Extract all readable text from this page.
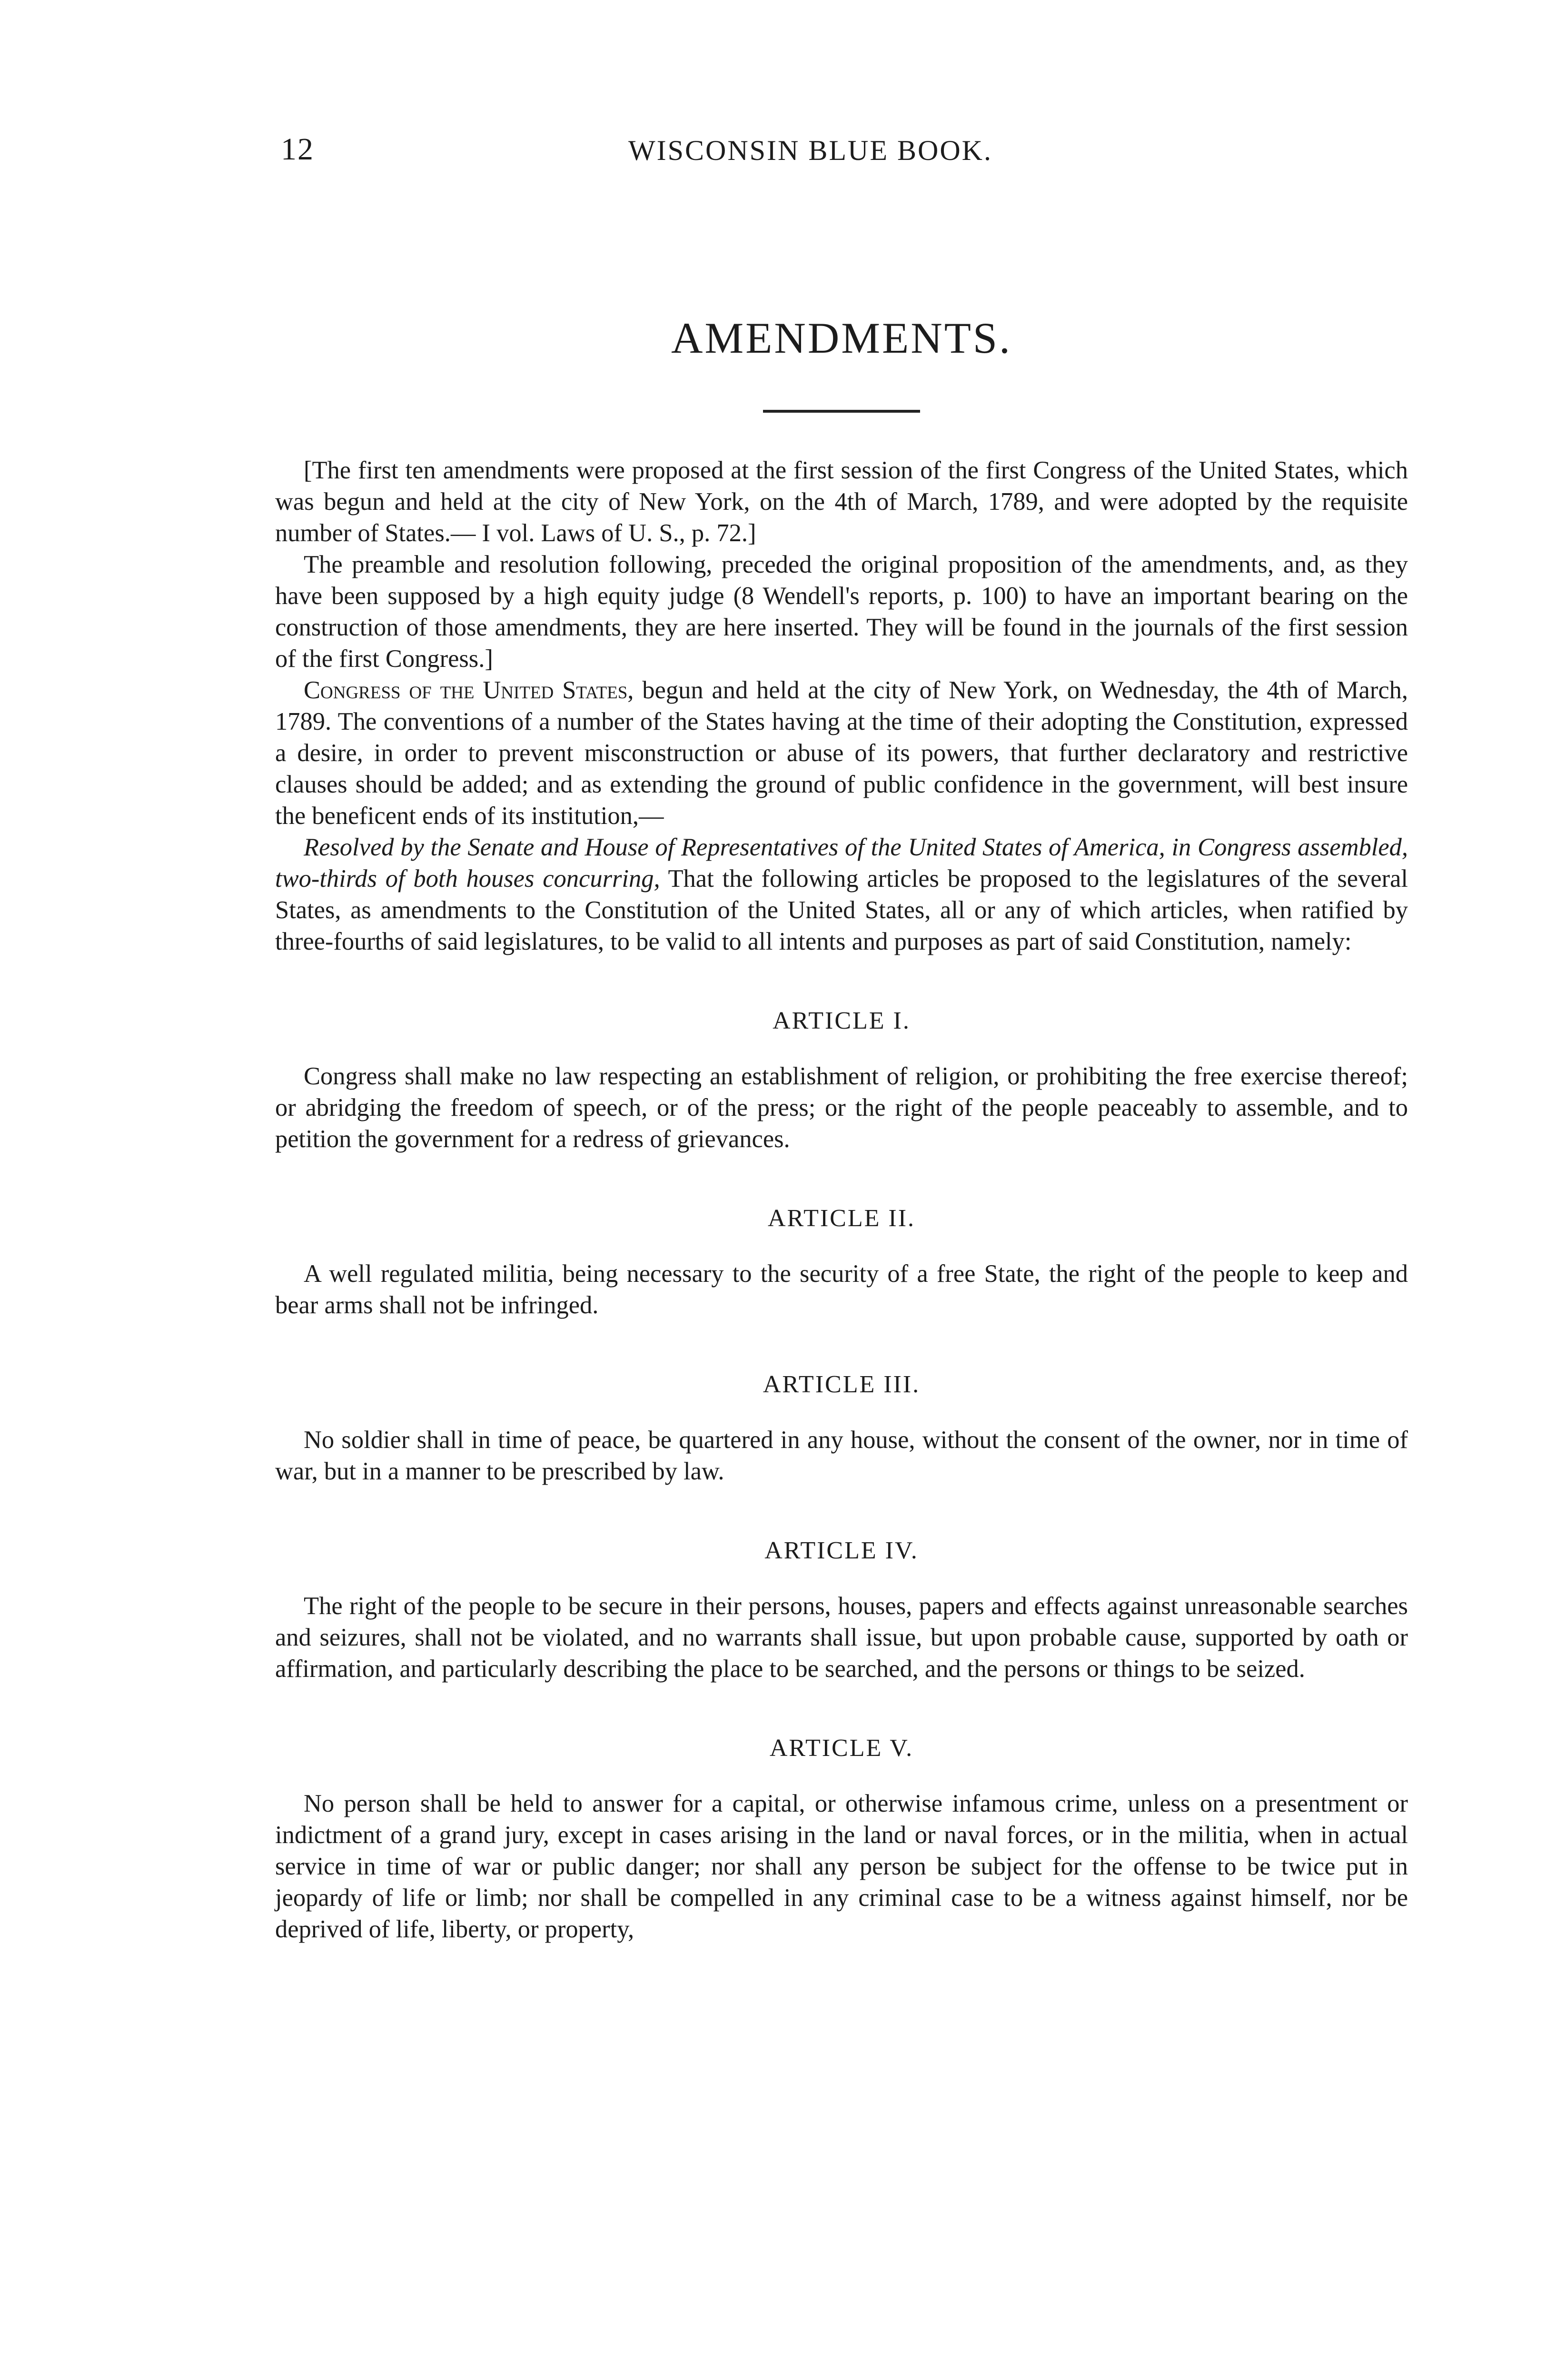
12	WISCONSIN BLUE BOOK.
AMENDMENTS.

[The first ten amendments were proposed at the first session of the first Congress of the United States, which was begun and held at the city of New York, on the 4th of March, 1789, and were adopted by the requisite number of States.— I vol. Laws of U. S., p. 72.]

The preamble and resolution following, preceded the original proposition of the amendments, and, as they have been supposed by a high equity judge (8 Wendell's reports, p. 100) to have an important bearing on the construction of those amendments, they are here inserted. They will be found in the journals of the first session of the first Congress.]

Congress of the United States, begun and held at the city of New York, on Wednesday, the 4th of March, 1789. The conventions of a number of the States having at the time of their adopting the Constitution, expressed a desire, in order to prevent misconstruction or abuse of its powers, that further declaratory and restrictive clauses should be added; and as extending the ground of public confidence in the government, will best insure the beneficent ends of its institution,—

Resolved by the Senate and House of Representatives of the United States of America, in Congress assembled, two-thirds of both houses concurring, That the following articles be proposed to the legislatures of the several States, as amendments to the Constitution of the United States, all or any of which articles, when ratified by three-fourths of said legislatures, to be valid to all intents and purposes as part of said Constitution, namely:

ARTICLE I.

Congress shall make no law respecting an establishment of religion, or prohibiting the free exercise thereof; or abridging the freedom of speech, or of the press; or the right of the people peaceably to assemble, and to petition the government for a redress of grievances.

ARTICLE II.

A well regulated militia, being necessary to the security of a free State, the right of the people to keep and bear arms shall not be infringed.

ARTICLE III.

No soldier shall in time of peace, be quartered in any house, without the consent of the owner, nor in time of war, but in a manner to be prescribed by law.

ARTICLE IV.

The right of the people to be secure in their persons, houses, papers and effects against unreasonable searches and seizures, shall not be violated, and no warrants shall issue, but upon probable cause, supported by oath or affirmation, and particularly describing the place to be searched, and the persons or things to be seized.

ARTICLE V.

No person shall be held to answer for a capital, or otherwise infamous crime, unless on a presentment or indictment of a grand jury, except in cases arising in the land or naval forces, or in the militia, when in actual service in time of war or public danger; nor shall any person be subject for the offense to be twice put in jeopardy of life or limb; nor shall be compelled in any criminal case to be a witness against himself, nor be deprived of life, liberty, or property,
